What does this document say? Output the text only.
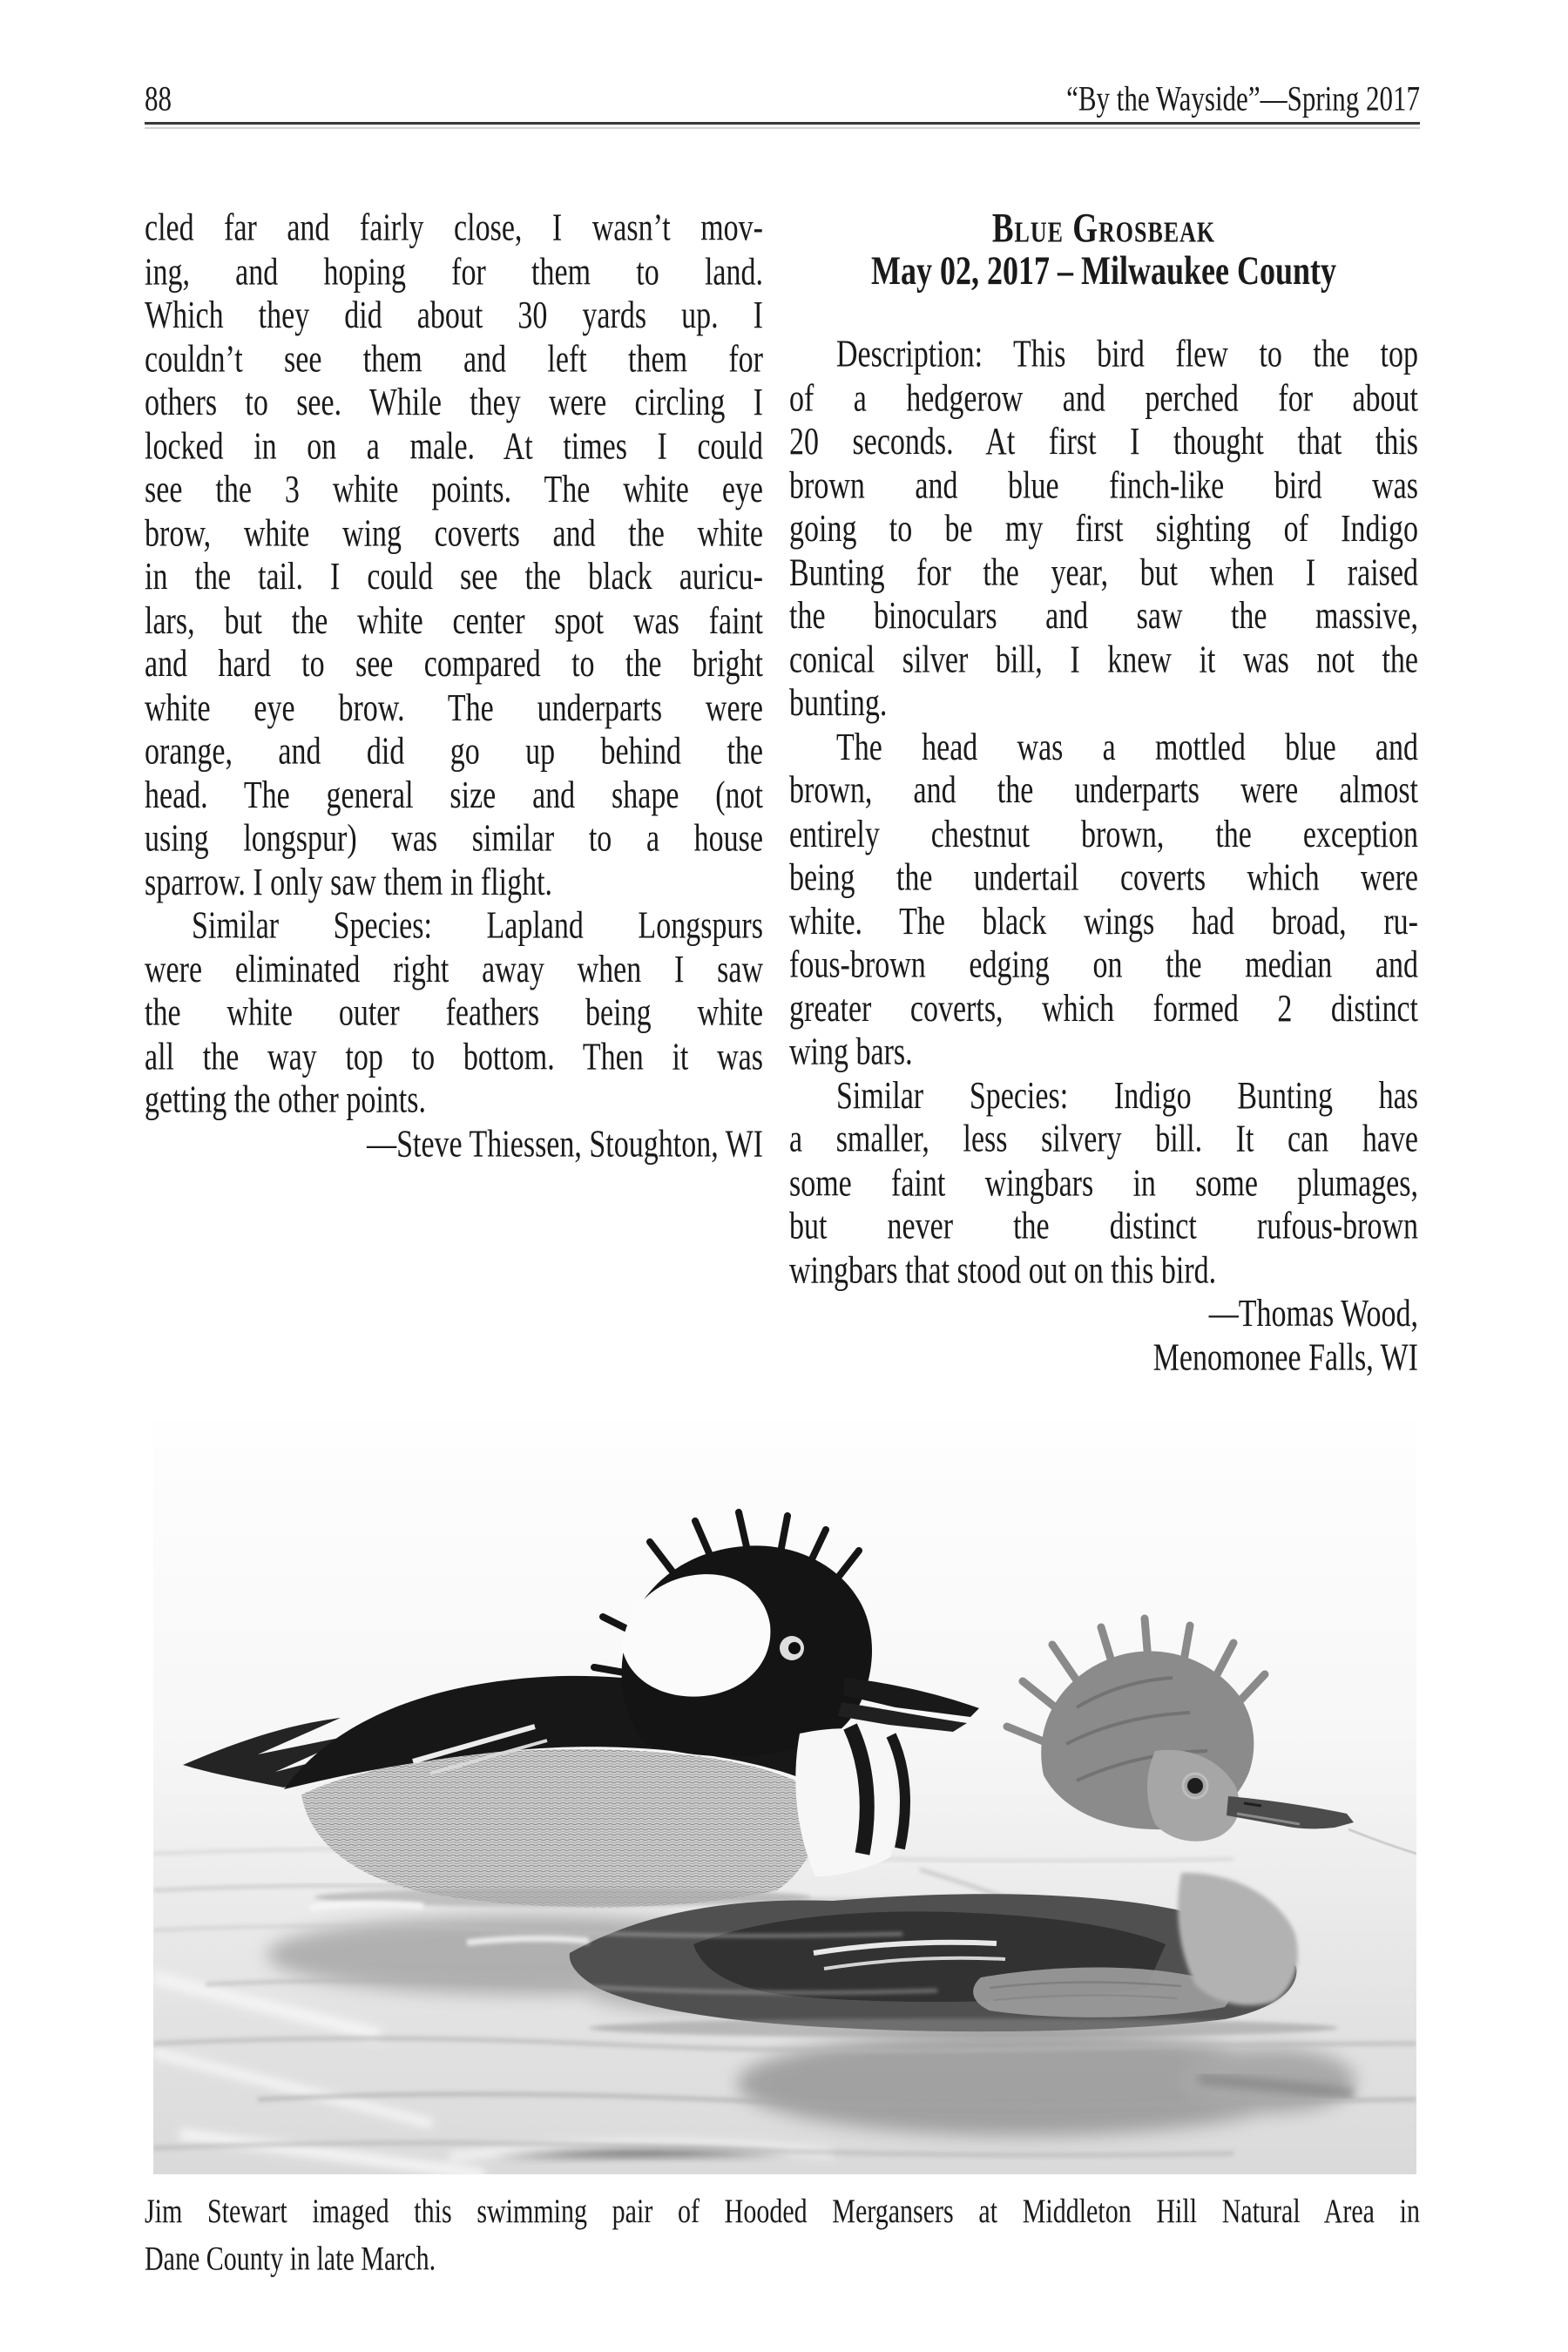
88	“By the Wayside”—Spring 2017
cled far and fairly close, I wasn’t mov-
ing, and hoping for them to land.
Which they did about 30 yards up. I
couldn’t see them and left them for
others to see. While they were circling I
locked in on a male. At times I could
see the 3 white points. The white eye
brow, white wing coverts and the white
in the tail. I could see the black auricu-
lars, but the white center spot was faint
and hard to see compared to the bright
white eye brow. The underparts were
orange, and did go up behind the
head. The general size and shape (not
using longspur) was similar to a house
sparrow. I only saw them in flight.
Similar Species: Lapland Longspurs
were eliminated right away when I saw
the white outer feathers being white
all the way top to bottom. Then it was
getting the other points.
—Steve Thiessen, Stoughton, WI
Blue Grosbeak
May 02, 2017 – Milwaukee County
Description: This bird flew to the top
of a hedgerow and perched for about
20 seconds. At first I thought that this
brown and blue finch-like bird was
going to be my first sighting of Indigo
Bunting for the year, but when I raised
the binoculars and saw the massive,
conical silver bill, I knew it was not the
bunting.
The head was a mottled blue and
brown, and the underparts were almost
entirely chestnut brown, the exception
being the undertail coverts which were
white. The black wings had broad, ru-
fous-brown edging on the median and
greater coverts, which formed 2 distinct
wing bars.
Similar Species: Indigo Bunting has
a smaller, less silvery bill. It can have
some faint wingbars in some plumages,
but never the distinct rufous-brown
wingbars that stood out on this bird.
—Thomas Wood,
Menomonee Falls, WI
Jim Stewart imaged this swimming pair of Hooded Mergansers at Middleton Hill Natural Area in
Dane County in late March.
